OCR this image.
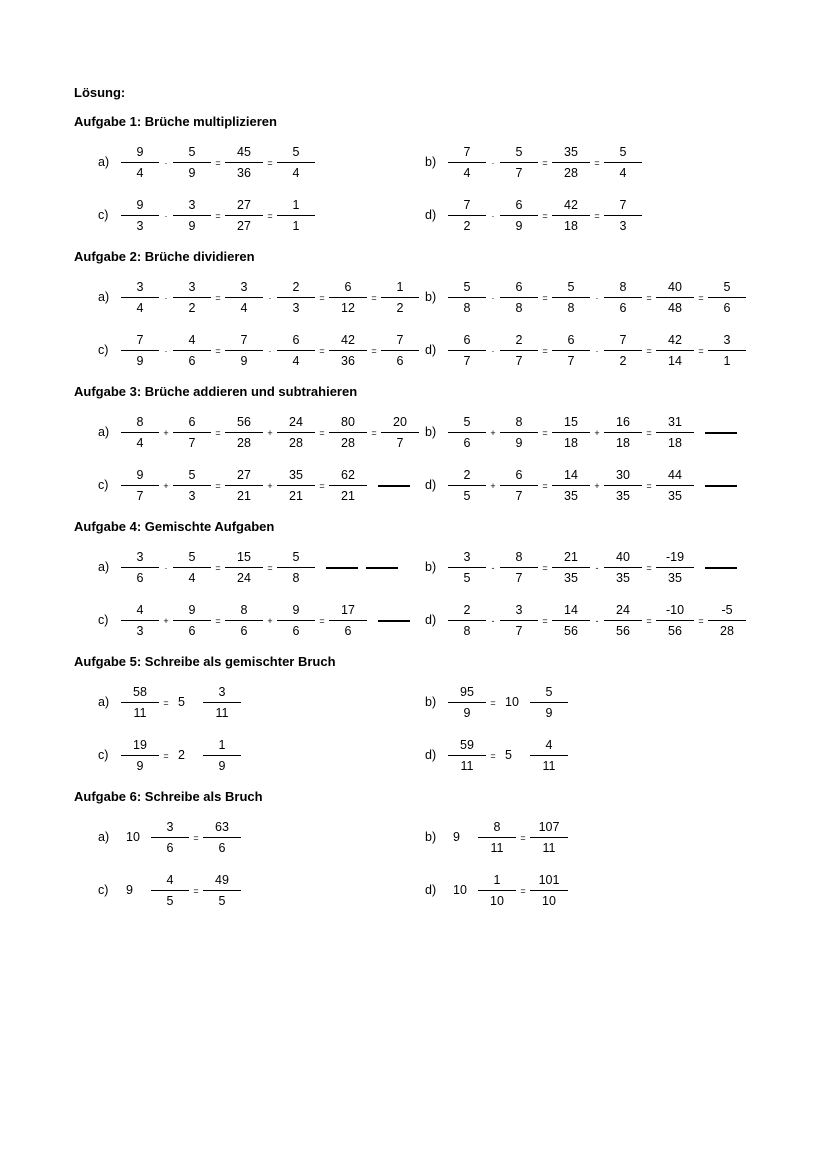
Lösung:
Aufgabe 1: Brüche multiplizieren
a)
9
4
·
5
9
=
45
36
=
5
4
c)
9
3
·
3
9
=
27
27
=
1
1
b)
7
4
·
5
7
=
35
28
=
5
4
d)
7
2
·
6
9
=
42
18
=
7
3
Aufgabe 2: Brüche dividieren
a)
3
4
·
3
2
=
3
4
·
2
3
=
6
12
=
1
2
c)
7
9
·
4
6
=
7
9
·
6
4
=
42
36
=
7
6
b)
5
8
·
6
8
=
5
8
·
8
6
=
40
48
=
5
6
d)
6
7
·
2
7
=
6
7
·
7
2
=
42
14
=
3
1
Aufgabe 3: Brüche addieren und subtrahieren
a)
8
4
+
6
7
=
56
28
+
24
28
=
80
28
=
20
7
c)
9
7
+
5
3
=
27
21
+
35
21
=
62
21
b)
5
6
+
8
9
=
15
18
+
16
18
=
31
18
d)
2
5
+
6
7
=
14
35
+
30
35
=
44
35
Aufgabe 4: Gemischte Aufgaben
a)
3
6
·
5
4
=
15
24
=
5
8
c)
4
3
+
9
6
=
8
6
+
9
6
=
17
6
b)
3
5
-
8
7
=
21
35
-
40
35
=
-19
35
d)
2
8
-
3
7
=
14
56
-
24
56
=
-10
56
=
-5
28
Aufgabe 5: Schreibe als gemischter Bruch
a)
58
11
= 5
3
11
c)
19
9
= 2
1
9
b)
95
9
= 10
5
9
d)
59
11
= 5
4
11
Aufgabe 6: Schreibe als Bruch
a) 10
3
6
=
63
6
c) 9
4
5
=
49
5
b) 9
8
11
=
107
11
d) 10
1
10
=
101
10
